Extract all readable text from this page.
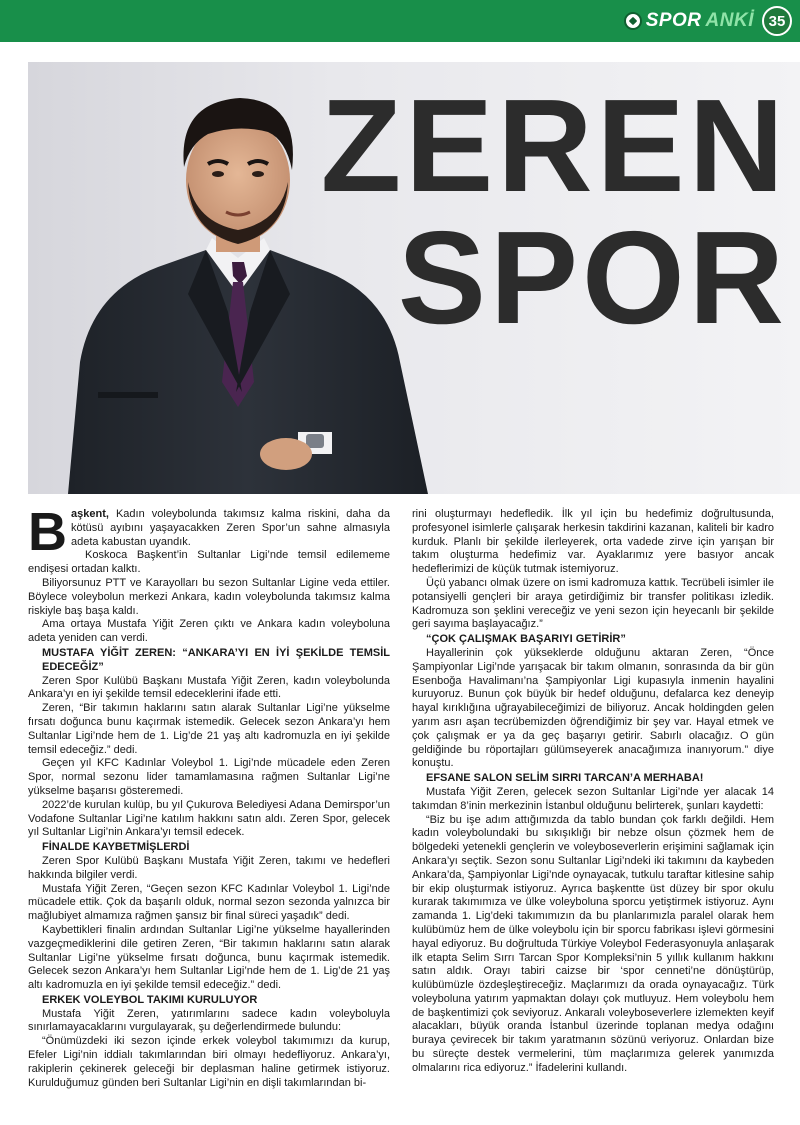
SPOR ANKİ 35
ZEREN
SPOR

Başkent, Kadın voleybolunda takımsız kalma riskini, daha da kötüsü ayıbını yaşayacakken Zeren Spor’un sahne almasıyla adeta kabustan uyandık.

Koskoca Başkent’in Sultanlar Ligi’nde temsil edilememe endişesi ortadan kalktı.

Biliyorsunuz PTT ve Karayolları bu sezon Sultanlar Ligine veda ettiler. Böylece voleybolun merkezi Ankara, kadın voleybolunda takımsız kalma riskiyle baş başa kaldı.

Ama ortaya Mustafa Yiğit Zeren çıktı ve Ankara kadın voleyboluna adeta yeniden can verdi.

MUSTAFA YİĞİT ZEREN: “ANKARA’YI EN İYİ ŞEKİLDE TEMSİL EDECEĞİZ”

Zeren Spor Kulübü Başkanı Mustafa Yiğit Zeren, kadın voleybolunda Ankara’yı en iyi şekilde temsil edeceklerini ifade etti.

Zeren, “Bir takımın haklarını satın alarak Sultanlar Ligi’ne yükselme fırsatı doğunca bunu kaçırmak istemedik. Gelecek sezon Ankara’yı hem Sultanlar Ligi’nde hem de 1. Lig’de 21 yaş altı kadromuzla en iyi şekilde temsil edeceğiz.” dedi.

Geçen yıl KFC Kadınlar Voleybol 1. Ligi’nde mücadele eden Zeren Spor, normal sezonu lider tamamlamasına rağmen Sultanlar Ligi’ne yükselme başarısı gösteremedi.

2022’de kurulan kulüp, bu yıl Çukurova Belediyesi Adana Demirspor’un Vodafone Sultanlar Ligi’ne katılım hakkını satın aldı. Zeren Spor, gelecek yıl Sultanlar Ligi’nin Ankara’yı temsil edecek.

FİNALDE KAYBETMİŞLERDİ

Zeren Spor Kulübü Başkanı Mustafa Yiğit Zeren, takımı ve hedefleri hakkında bilgiler verdi.

Mustafa Yiğit Zeren, “Geçen sezon KFC Kadınlar Voleybol 1. Ligi’nde mücadele ettik. Çok da başarılı olduk, normal sezon sezonda yalnızca bir mağlubiyet almamıza rağmen şansız bir final süreci yaşadık” dedi.

Kaybettikleri finalin ardından Sultanlar Ligi’ne yükselme hayallerinden vazgeçmediklerini dile getiren Zeren, “Bir takımın haklarını satın alarak Sultanlar Ligi’ne yükselme fırsatı doğunca, bunu kaçırmak istemedik. Gelecek sezon Ankara’yı hem Sultanlar Ligi’nde hem de 1. Lig’de 21 yaş altı kadromuzla en iyi şekilde temsil edeceğiz.” dedi.

ERKEK VOLEYBOL TAKIMI KURULUYOR

Mustafa Yiğit Zeren, yatırımlarını sadece kadın voleyboluyla sınırlamayacaklarını vurgulayarak, şu değerlendirmede bulundu:

“Önümüzdeki iki sezon içinde erkek voleybol takımımızı da kurup, Efeler Ligi’nin iddialı takımlarından biri olmayı hedefliyoruz. Ankara’yı, rakiplerin çekinerek geleceği bir deplasman haline getirmek istiyoruz. Kurulduğumuz günden beri Sultanlar Ligi’nin en dişli takımlarından bi-

rini oluşturmayı hedefledik. İlk yıl için bu hedefimiz doğrultusunda, profesyonel isimlerle çalışarak herkesin takdirini kazanan, kaliteli bir kadro kurduk. Planlı bir şekilde ilerleyerek, orta vadede zirve için yarışan bir takım oluşturma hedefimiz var. Ayaklarımız yere basıyor ancak hedeflerimizi de küçük tutmak istemiyoruz.

Üçü yabancı olmak üzere on ismi kadromuza kattık. Tecrübeli isimler ile potansiyelli gençleri bir araya getirdiğimiz bir transfer politikası izledik. Kadromuza son şeklini vereceğiz ve yeni sezon için heyecanlı bir şekilde geri sayıma başlayacağız.”

“ÇOK ÇALIŞMAK BAŞARIYI GETİRİR”

Hayallerinin çok yükseklerde olduğunu aktaran Zeren, “Önce Şampiyonlar Ligi’nde yarışacak bir takım olmanın, sonrasında da bir gün Esenboğa Havalimanı’na Şampiyonlar Ligi kupasıyla inmenin hayalini kuruyoruz. Bunun çok büyük bir hedef olduğunu, defalarca kez deneyip hayal kırıklığına uğrayabileceğimizi de biliyoruz. Ancak holdingden gelen yarım asrı aşan tecrübemizden öğrendiğimiz bir şey var. Hayal etmek ve çok çalışmak er ya da geç başarıyı getirir. Sabırlı olacağız. O gün geldiğinde bu röportajları gülümseyerek anacağımıza inanıyorum.” diye konuştu.

EFSANE SALON SELİM SIRRI TARCAN’A MERHABA!

Mustafa Yiğit Zeren, gelecek sezon Sultanlar Ligi’nde yer alacak 14 takımdan 8’inin merkezinin İstanbul olduğunu belirterek, şunları kaydetti:

“Biz bu işe adım attığımızda da tablo bundan çok farklı değildi. Hem kadın voleybolundaki bu sıkışıklığı bir nebze olsun çözmek hem de bölgedeki yetenekli gençlerin ve voleyboseverlerin erişimini sağlamak için Ankara’yı seçtik. Sezon sonu Sultanlar Ligi’ndeki iki takımını da kaybeden Ankara’da, Şampiyonlar Ligi’nde oynayacak, tutkulu taraftar kitlesine sahip bir ekip oluşturmak istiyoruz. Ayrıca başkentte üst düzey bir spor okulu kurarak takımımıza ve ülke voleyboluna sporcu yetiştirmek istiyoruz. Aynı zamanda 1. Lig’deki takımımızın da bu planlarımızla paralel olarak hem kulübümüz hem de ülke voleybolu için bir sporcu fabrikası işlevi görmesini hayal ediyoruz. Bu doğrultuda Türkiye Voleybol Federasyonuyla anlaşarak ilk etapta Selim Sırrı Tarcan Spor Kompleksi’nin 5 yıllık kullanım hakkını satın aldık. Orayı tabiri caizse bir ‘spor cenneti’ne dönüştürüp, kulübümüzle özdeşleştireceğiz. Maçlarımızı da orada oynayacağız. Türk voleyboluna yatırım yapmaktan dolayı çok mutluyuz. Hem voleybolu hem de başkentimizi çok seviyoruz. Ankaralı voleyboseverlere izlemekten keyif alacakları, büyük oranda İstanbul üzerinde toplanan medya odağını buraya çevirecek bir takım yaratmanın sözünü veriyoruz. Onlardan bize bu süreçte destek vermelerini, tüm maçlarımıza gelerek yanımızda olmalarını rica ediyoruz.” İfadelerini kullandı.
